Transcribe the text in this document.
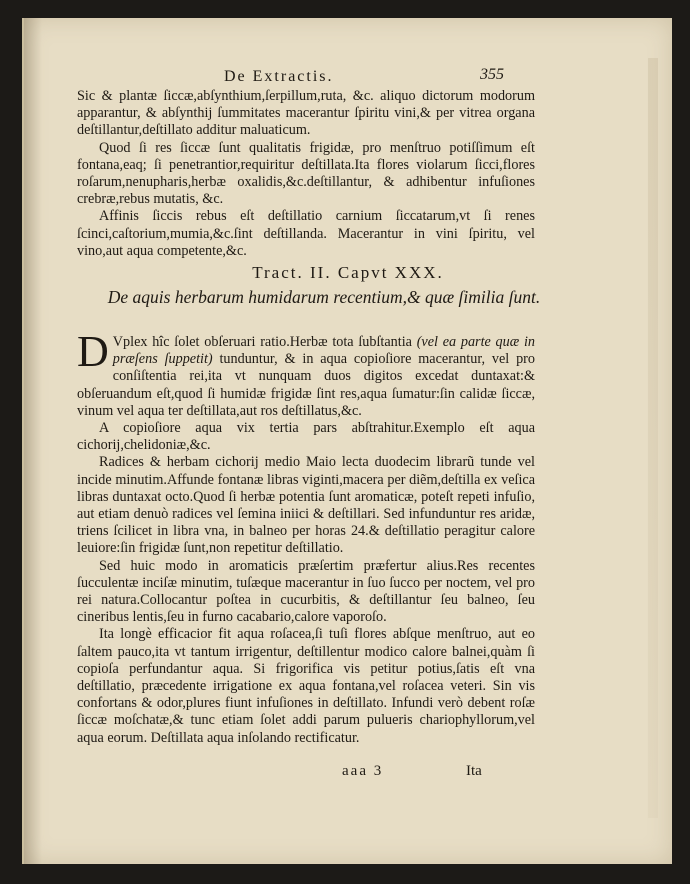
De Extractis.	355

Sic & plantæ ſiccæ,abſynthium,ſerpillum,ruta, &c. aliquo dictorum modorum apparantur, & abſynthij ſummitates macerantur ſpiritu vini,& per vitrea organa deſtillantur,deſtillato additur maluaticum.

Quod ſi res ſiccæ ſunt qualitatis frigidæ, pro menſtruo potiſſimum eſt fontana,eaq; ſi penetrantior,requiritur deſtillata.Ita flores violarum ſicci,flores roſarum,nenupharis,herbæ oxalidis,&c.deſtillantur, & adhibentur infuſiones crebræ,rebus mutatis, &c.

Affinis ſiccis rebus eſt deſtillatio carnium ſiccatarum,vt ſi renes ſcinci,caſtorium,mumia,&c.ſint deſtillanda. Macerantur in vini ſpiritu, vel vino,aut aqua competente,&c.

Tract. II. Capvt XXX.
De aquis herbarum humidarum recentium,& quæ ſimilia ſunt.

D Vplex hîc ſolet obſeruari ratio.Herbæ tota ſubſtantia (vel ea parte quæ in præſens ſuppetit) tunduntur, & in aqua copioſiore macerantur, vel pro conſiſtentia rei,ita vt nunquam duos digitos excedat duntaxat:& obſeruandum eſt,quod ſi humidæ frigidæ ſint res,aqua ſumatur:ſin calidæ ſiccæ, vinum vel aqua ter deſtillata,aut ros deſtillatus,&c.

A copioſiore aqua vix tertia pars abſtrahitur.Exemplo eſt aqua cichorij,chelidoniæ,&c.

Radices & herbam cichorij medio Maio lecta duodecim librarũ tunde vel incide minutim.Affunde fontanæ libras viginti,macera per diẽm,deſtilla ex veſica libras duntaxat octo.Quod ſi herbæ potentia ſunt aromaticæ, poteſt repeti infuſio, aut etiam denuò radices vel ſemina iniici & deſtillari. Sed infunduntur res aridæ, triens ſcilicet in libra vna, in balneo per horas 24.& deſtillatio peragitur calore leuiore:ſin frigidæ ſunt,non repetitur deſtillatio.

Sed huic modo in aromaticis præſertim præfertur alius.Res recentes ſucculentæ inciſæ minutim, tuſæque macerantur in ſuo ſucco per noctem, vel pro rei natura.Collocantur poſtea in cucurbitis, & deſtillantur ſeu balneo, ſeu cineribus lentis,ſeu in furno cacabario,calore vaporoſo.

Ita longè efficacior fit aqua roſacea,ſi tuſi flores abſque menſtruo, aut eo ſaltem pauco,ita vt tantum irrigentur, deſtillentur modico calore balnei,quàm ſi copioſa perfundantur aqua. Si frigorifica vis petitur potius,ſatis eſt vna deſtillatio, præcedente irrigatione ex aqua fontana,vel roſacea veteri. Sin vis confortans & odor,plures fiunt infuſiones in deſtillato. Infundi verò debent roſæ ſiccæ moſchatæ,& tunc etiam ſolet addi parum pulueris chariophyllorum,vel aqua eorum. Deſtillata aqua inſolando rectificatur.

aaa 3	Ita
